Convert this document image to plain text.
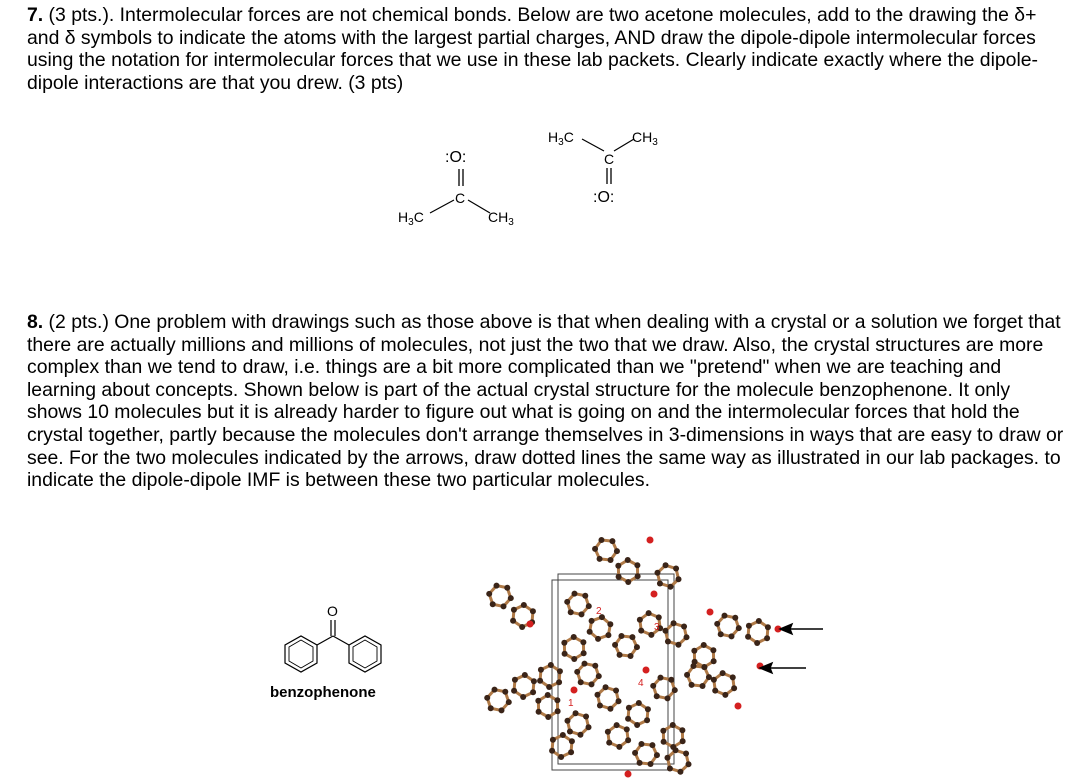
7. (3 pts.). Intermolecular forces are not chemical bonds. Below are two acetone molecules, add to the drawing the δ+ and δ symbols to indicate the atoms with the largest partial charges, AND draw the dipole-dipole intermolecular forces using the notation for intermolecular forces that we use in these lab packets. Clearly indicate exactly where the dipole-dipole interactions are that you drew. (3 pts)
:O:
C
$H_3C$	$CH_3$
$H_3C$	$CH_3$
C
:O:
8. (2 pts.) One problem with drawings such as those above is that when dealing with a crystal or a solution we forget that there are actually millions and millions of molecules, not just the two that we draw. Also, the crystal structures are more complex than we tend to draw, i.e. things are a bit more complicated than we "pretend" when we are teaching and learning about concepts. Shown below is part of the actual crystal structure for the molecule benzophenone. It only shows 10 molecules but it is already harder to figure out what is going on and the intermolecular forces that hold the crystal together, partly because the molecules don't arrange themselves in 3-dimensions in ways that are easy to draw or see. For the two molecules indicated by the arrows, draw dotted lines the same way as illustrated in our lab packages. to indicate the dipole-dipole IMF is between these two particular molecules.
O
benzophenone
1
2
3
4
